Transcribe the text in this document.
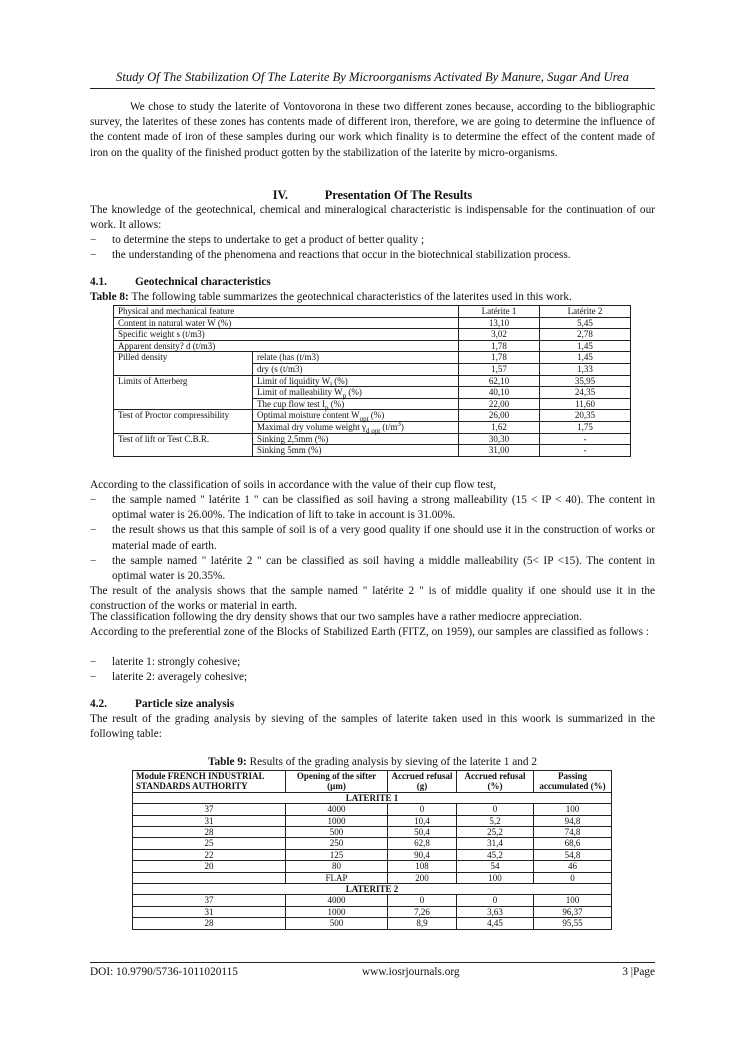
Study Of The Stabilization Of The Laterite By Microorganisms Activated By Manure, Sugar And Urea
We chose to study the laterite of Vontovorona in these two different zones because, according to the bibliographic survey, the laterites of these zones has contents made of different iron, therefore, we are going to determine the influence of the content made of iron of these samples during our work which finality is to determine the effect of the content made of iron on the quality of the finished product gotten by the stabilization of the laterite by micro-organisms.
IV.	Presentation Of The Results
The knowledge of the geotechnical, chemical and mineralogical characteristic is indispensable for the continuation of our work. It allows:
− to determine the steps to undertake to get a product of better quality ;
− the understanding of the phenomena and reactions that occur in the biotechnical stabilization process.
4.1. Geotechnical characteristics
Table 8: The following table summarizes the geotechnical characteristics of the laterites used in this work.
Physical and mechanical feature		Latérite 1	Latérite 2
Content in natural water W (%)		13,10	5,45
Specific weight s (t/m3)		3,02	2,78
Apparent density? d (t/m3)		1,78	1,45
Pilled density	relate (has (t/m3)	1,78	1,45
	dry (s (t/m3)	1,57	1,33
Limits of Atterberg	Limit of liquidity $W_l$ (%)	62,10	35,95
	Limit of malleability $W_p$ (%)	40,10	24,35
	The cup flow test $I_p$ (%)	22,00	11,60
Test of Proctor compressibility	Optimal moisture content $W_{opt}$ (%)	26,00	20,35
	Maximal dry volume weight $\gamma_{d opt}$ $(t/m^3)$	1,62	1,75
Test of lift or Test C.B.R.	Sinking 2,5mm (%)	30,30	-
	Sinking 5mm (%)	31,00	-
According to the classification of soils in accordance with the value of their cup flow test,
− the sample named " latérite 1 " can be classified as soil having a strong malleability (15 < IP < 40). The content in optimal water is 26.00%. The indication of lift to take in account is 31.00%.
− the result shows us that this sample of soil is of a very good quality if one should use it in the construction of works or material made of earth.
− the sample named " latérite 2 " can be classified as soil having a middle malleability (5< IP <15). The content in optimal water is 20.35%.
The result of the analysis shows that the sample named " latérite 2 " is of middle quality if one should use it in the construction of the works or material in earth.
The classification following the dry density shows that our two samples have a rather mediocre appreciation.
According to the preferential zone of the Blocks of Stabilized Earth (FITZ, on 1959), our samples are classified as follows :
− laterite 1: strongly cohesive;
− laterite 2: averagely cohesive;
4.2. Particle size analysis
The result of the grading analysis by sieving of the samples of laterite taken used in this woork is summarized in the following table:
Table 9: Results of the grading analysis by sieving of the laterite 1 and 2
Module FRENCH INDUSTRIAL STANDARDS AUTHORITY	Opening of the sifter (µm)	Accrued refusal (g)	Accrued refusal (%)	Passing accumulated (%)
LATERITE 1				
37	4000	0	0	100
31	1000	10,4	5,2	94,8
28	500	50,4	25,2	74,8
25	250	62,8	31,4	68,6
22	125	90,4	45,2	54,8
20	80	108	54	46
	FLAP	200	100	0
LATERITE 2				
37	4000	0	0	100
31	1000	7,26	3,63	96,37
28	500	8,9	4,45	95,55
DOI: 10.9790/5736-1011020115	www.iosrjournals.org	3 |Page
